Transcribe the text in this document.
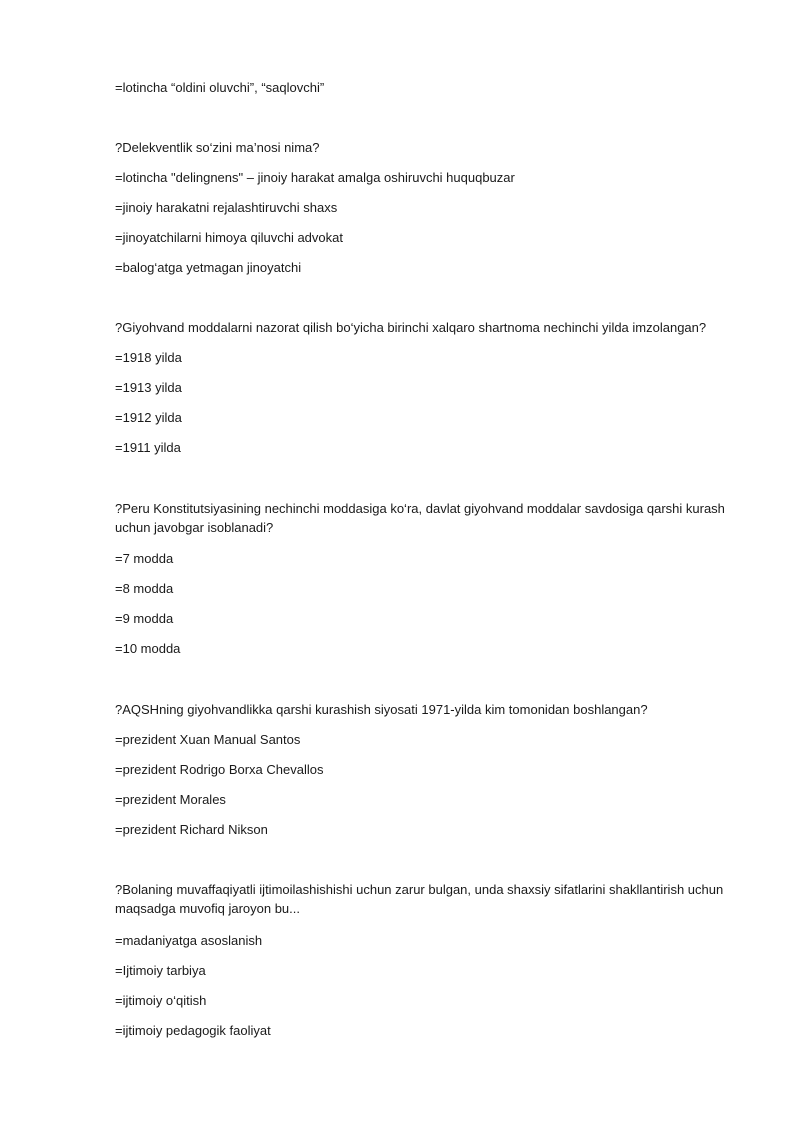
=lotincha “oldini oluvchi”, “saqlovchi”
?Delekventlik so‘zini ma’nosi nima?
=lotincha "delingnens" – jinoiy harakat amalga oshiruvchi huquqbuzar
=jinoiy harakatni rejalashtiruvchi shaxs
=jinoyatchilarni himoya qiluvchi advokat
=balog‘atga yetmagan jinoyatchi
?Giyohvand moddalarni nazorat qilish bo‘yicha birinchi xalqaro shartnoma nechinchi yilda imzolangan?
=1918 yilda
=1913 yilda
=1912 yilda
=1911 yilda
?Peru Konstitutsiyasining nechinchi moddasiga ko‘ra, davlat giyohvand moddalar savdosiga qarshi kurash uchun javobgar isoblanadi?
=7 modda
=8 modda
=9 modda
=10 modda
?AQSHning giyohvandlikka qarshi kurashish siyosati 1971-yilda kim tomonidan boshlangan?
=prezident Xuan Manual Santos
=prezident Rodrigo Borxa Chevallos
=prezident Morales
=prezident Richard Nikson
?Bolaning muvaffaqiyatli ijtimoilashishishi uchun zarur bulgan, unda shaxsiy sifatlarini shakllantirish uchun maqsadga muvofiq jaroyon bu...
=madaniyatga asoslanish
=Ijtimoiy tarbiya
=ijtimoiy o‘qitish
=ijtimoiy pedagogik faoliyat
